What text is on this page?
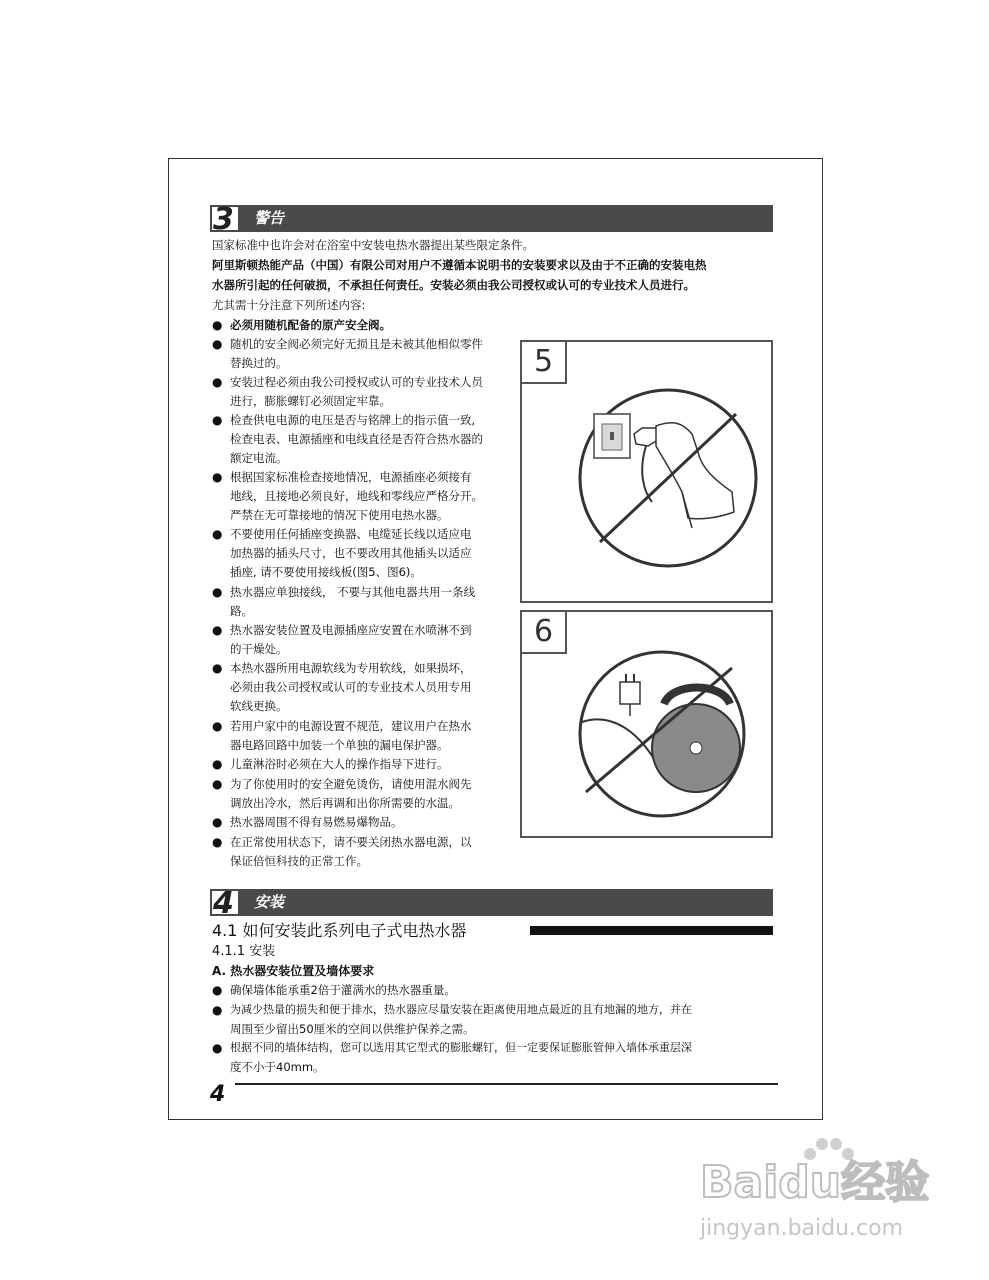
3 警告
国家标准中也许会对在浴室中安装电热水器提出某些限定条件。
阿里斯顿热能产品（中国）有限公司对用户不遵循本说明书的安装要求以及由于不正确的安装电热
水器所引起的任何破损，不承担任何责任。安装必须由我公司授权或认可的专业技术人员进行。
尤其需十分注意下列所述内容:
● 必须用随机配备的原产安全阀。
● 随机的安全阀必须完好无损且是未被其他相似零件
替换过的。
● 安装过程必须由我公司授权或认可的专业技术人员
进行，膨胀螺钉必须固定牢靠。
● 检查供电电源的电压是否与铭牌上的指示值一致,
检查电表、电源插座和电线直径是否符合热水器的
额定电流。
● 根据国家标准检查接地情况，电源插座必须接有
地线，且接地必须良好，地线和零线应严格分开。
严禁在无可靠接地的情况下使用电热水器。
● 不要使用任何插座变换器、电缆延长线以适应电
加热器的插头尺寸，也不要改用其他插头以适应
插座, 请不要使用接线板(图5、图6)。
● 热水器应单独接线， 不要与其他电器共用一条线
路。
● 热水器安装位置及电源插座应安置在水喷淋不到
的干燥处。
● 本热水器所用电源软线为专用软线，如果损坏，
必须由我公司授权或认可的专业技术人员用专用
软线更换。
● 若用户家中的电源设置不规范，建议用户在热水
器电路回路中加装一个单独的漏电保护器。
● 儿童淋浴时必须在大人的操作指导下进行。
● 为了你使用时的安全避免烫伤，请使用混水阀先
调放出冷水，然后再调和出你所需要的水温。
● 热水器周围不得有易燃易爆物品。
● 在正常使用状态下，请不要关闭热水器电源，以
保证倍恒科技的正常工作。
5
6
4 安装
4.1 如何安装此系列电子式电热水器
4.1.1 安装
A. 热水器安装位置及墙体要求
● 确保墙体能承重2倍于灌满水的热水器重量。
● 为减少热量的损失和便于排水，热水器应尽量安装在距离使用地点最近的且有地漏的地方，并在
周围至少留出50厘米的空间以供维护保养之需。
● 根据不同的墙体结构，您可以选用其它型式的膨胀螺钉，但一定要保证膨胀管伸入墙体承重层深
度不小于40mm。
4
Baidu经验
jingyan.baidu.com
